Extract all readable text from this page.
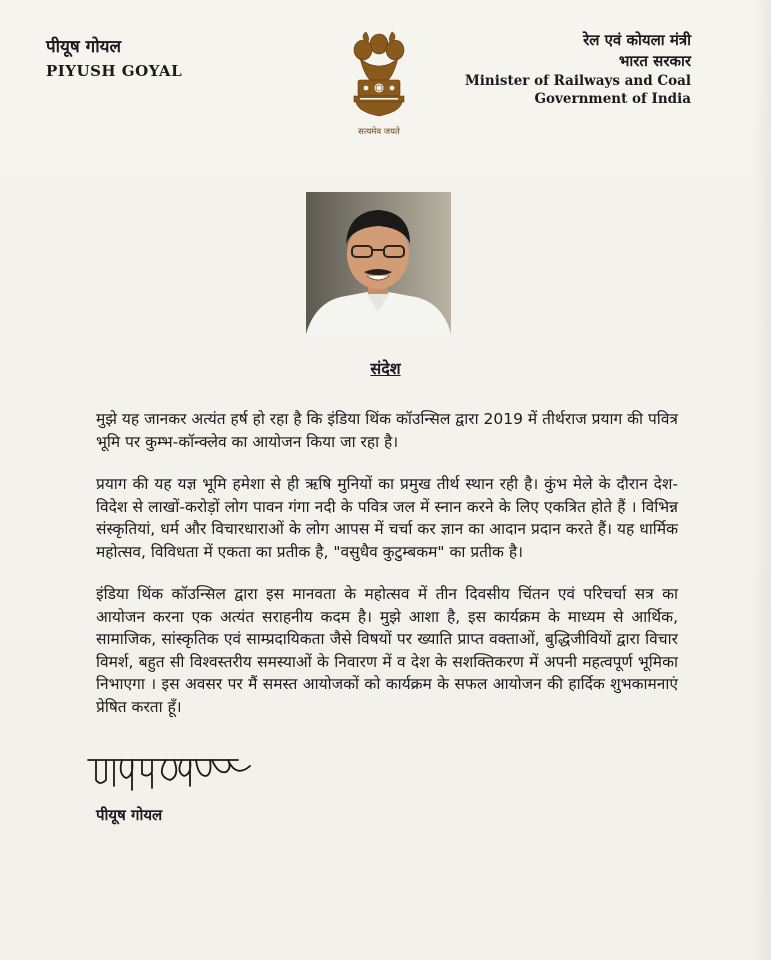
पीयूष गोयल
PIYUSH GOYAL
सत्यमेव जयते
रेल एवं कोयला मंत्री
भारत सरकार
Minister of Railways and Coal
Government of India
संदेश

मुझे यह जानकर अत्यंत हर्ष हो रहा है कि इंडिया थिंक कॉउन्सिल द्वारा 2019 में तीर्थराज प्रयाग की पवित्र भूमि पर कुम्भ-कॉन्क्लेव का आयोजन किया जा रहा है।

प्रयाग की यह यज्ञ भूमि हमेशा से ही ऋषि मुनियों का प्रमुख तीर्थ स्थान रही है। कुंभ मेले के दौरान देश-विदेश से लाखों-करोड़ों लोग पावन गंगा नदी के पवित्र जल में स्नान करने के लिए एकत्रित होते हैं । विभिन्न संस्कृतियां, धर्म और विचारधाराओं के लोग आपस में चर्चा कर ज्ञान का आदान प्रदान करते हैं। यह धार्मिक महोत्सव, विविधता में एकता का प्रतीक है, "वसुधैव कुटुम्बकम" का प्रतीक है।

इंडिया थिंक कॉउन्सिल द्वारा इस मानवता के महोत्सव में तीन दिवसीय चिंतन एवं परिचर्चा सत्र का आयोजन करना एक अत्यंत सराहनीय कदम है। मुझे आशा है, इस कार्यक्रम के माध्यम से आर्थिक, सामाजिक, सांस्कृतिक एवं साम्प्रदायिकता जैसे विषयों पर ख्याति प्राप्त वक्ताओं, बुद्धिजीवियों द्वारा विचार विमर्श, बहुत सी विश्वस्तरीय समस्याओं के निवारण में व देश के सशक्तिकरण में अपनी महत्वपूर्ण भूमिका निभाएगा । इस अवसर पर मैं समस्त आयोजकों को कार्यक्रम के सफल आयोजन की हार्दिक शुभकामनाएं प्रेषित करता हूँ।

पीयूष गोयल
